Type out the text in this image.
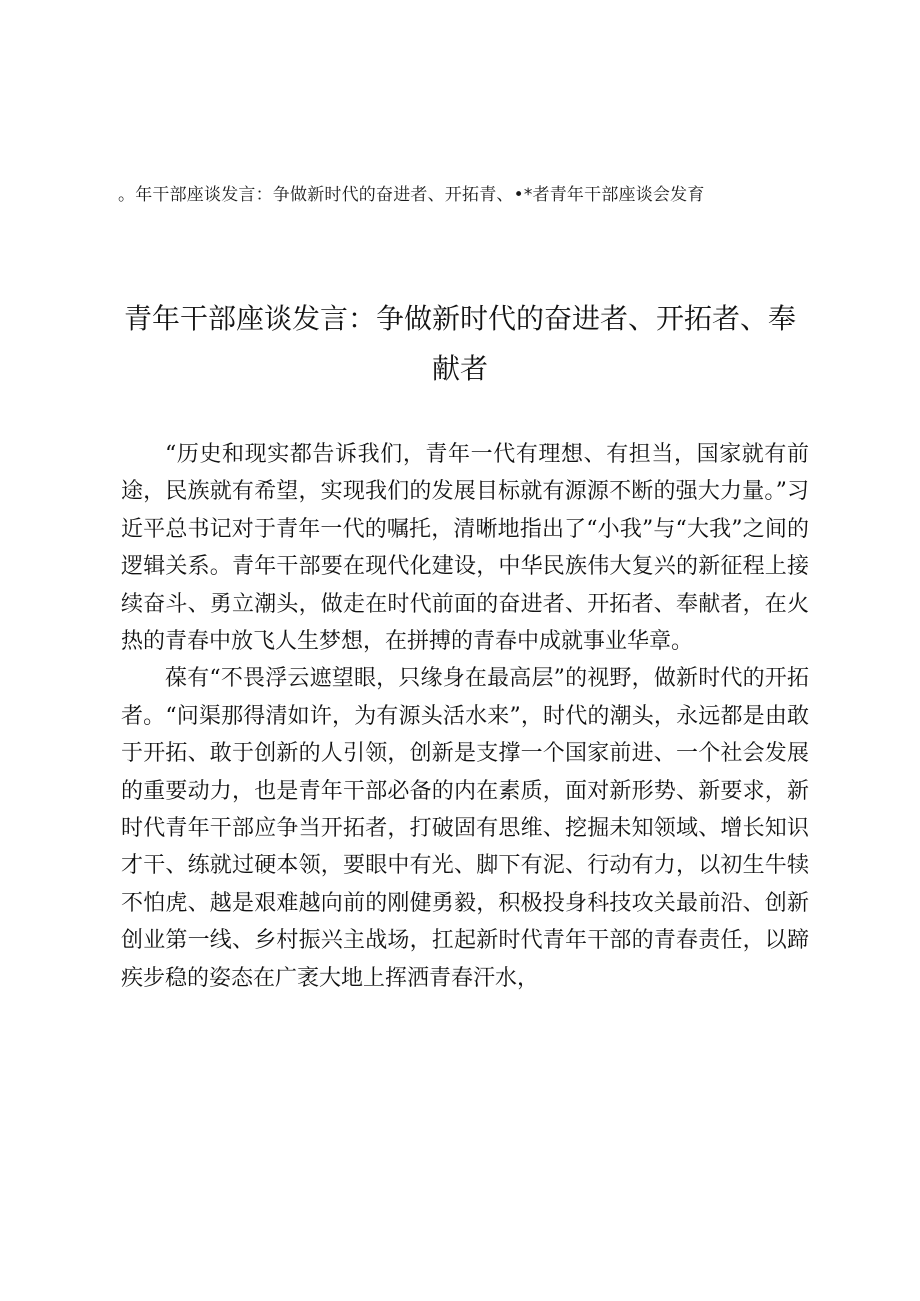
。年干部座谈发言：争做新时代的奋进者、开拓青、•*者青年干部座谈会发育
青年干部座谈发言：争做新时代的奋进者、开拓者、奉献者

“历史和现实都告诉我们，青年一代有理想、有担当，国家就有前途，民族就有希望，实现我们的发展目标就有源源不断的强大力量。”习近平总书记对于青年一代的嘱托，清晰地指出了“小我”与“大我”之间的逻辑关系。青年干部要在现代化建设，中华民族伟大复兴的新征程上接续奋斗、勇立潮头，做走在时代前面的奋进者、开拓者、奉献者，在火热的青春中放飞人生梦想，在拼搏的青春中成就事业华章。

葆有“不畏浮云遮望眼，只缘身在最高层”的视野，做新时代的开拓者。“问渠那得清如许，为有源头活水来”，时代的潮头，永远都是由敢于开拓、敢于创新的人引领，创新是支撑一个国家前进、一个社会发展的重要动力，也是青年干部必备的内在素质，面对新形势、新要求，新时代青年干部应争当开拓者，打破固有思维、挖掘未知领域、增长知识才干、练就过硬本领，要眼中有光、脚下有泥、行动有力，以初生牛犊不怕虎、越是艰难越向前的刚健勇毅，积极投身科技攻关最前沿、创新创业第一线、乡村振兴主战场，扛起新时代青年干部的青春责任，以蹄疾步稳的姿态在广袤大地上挥洒青春汗水，
